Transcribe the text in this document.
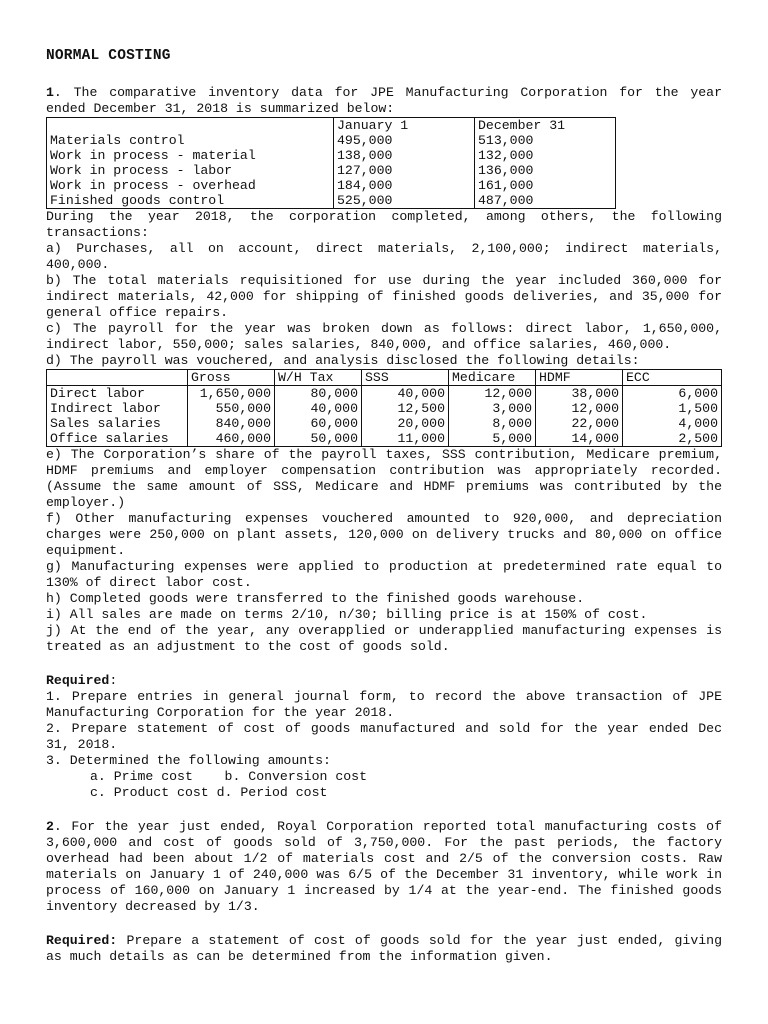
NORMAL COSTING

1. The comparative inventory data for JPE Manufacturing Corporation for the year ended December 31, 2018 is summarized below:

	January 1	December 31
Materials control	495,000	513,000
Work in process - material	138,000	132,000
Work in process - labor	127,000	136,000
Work in process - overhead	184,000	161,000
Finished goods control	525,000	487,000

During the year 2018, the corporation completed, among others, the following transactions:

a) Purchases, all on account, direct materials, 2,100,000; indirect materials, 400,000.

b) The total materials requisitioned for use during the year included 360,000 for indirect materials, 42,000 for shipping of finished goods deliveries, and 35,000 for general office repairs.

c) The payroll for the year was broken down as follows: direct labor, 1,650,000, indirect labor, 550,000; sales salaries, 840,000, and office salaries, 460,000.

d) The payroll was vouchered, and analysis disclosed the following details:

	Gross	W/H Tax	SSS	Medicare	HDMF	ECC
Direct labor	1,650,000	80,000	40,000	12,000	38,000	6,000
Indirect labor	550,000	40,000	12,500	3,000	12,000	1,500
Sales salaries	840,000	60,000	20,000	8,000	22,000	4,000
Office salaries	460,000	50,000	11,000	5,000	14,000	2,500

e) The Corporation’s share of the payroll taxes, SSS contribution, Medicare premium, HDMF premiums and employer compensation contribution was appropriately recorded. (Assume the same amount of SSS, Medicare and HDMF premiums was contributed by the employer.)

f) Other manufacturing expenses vouchered amounted to 920,000, and depreciation charges were 250,000 on plant assets, 120,000 on delivery trucks and 80,000 on office equipment.

g) Manufacturing expenses were applied to production at predetermined rate equal to 130% of direct labor cost.

h) Completed goods were transferred to the finished goods warehouse.

i) All sales are made on terms 2/10, n/30; billing price is at 150% of cost.

j) At the end of the year, any overapplied or underapplied manufacturing expenses is treated as an adjustment to the cost of goods sold.

Required:

1. Prepare entries in general journal form, to record the above transaction of JPE Manufacturing Corporation for the year 2018.

2. Prepare statement of cost of goods manufactured and sold for the year ended Dec 31, 2018.

3. Determined the following amounts:

a. Prime cost    b. Conversion cost

c. Product cost d. Period cost

2. For the year just ended, Royal Corporation reported total manufacturing costs of 3,600,000 and cost of goods sold of 3,750,000. For the past periods, the factory overhead had been about 1/2 of materials cost and 2/5 of the conversion costs. Raw materials on January 1 of 240,000 was 6/5 of the December 31 inventory, while work in process of 160,000 on January 1 increased by 1/4 at the year-end. The finished goods inventory decreased by 1/3.

Required: Prepare a statement of cost of goods sold for the year just ended, giving as much details as can be determined from the information given.
